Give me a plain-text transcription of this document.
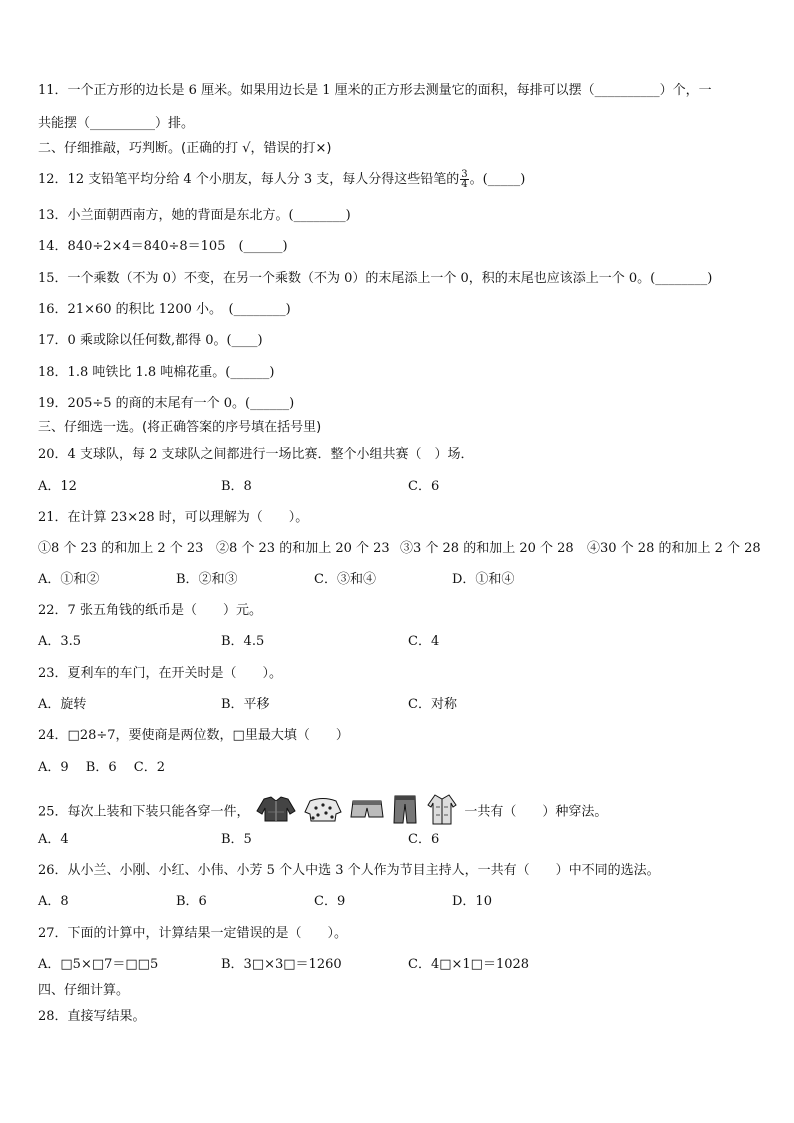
11．一个正方形的边长是 6 厘米。如果用边长是 1 厘米的正方形去测量它的面积，每排可以摆（__________）个，一
共能摆（__________）排。
二、仔细推敲，巧判断。(正确的打 √，错误的打×)
12．12 支铅笔平均分给 4 个小朋友，每人分 3 支，每人分得这些铅笔的 $\frac{3}{4}$ 。(_____)
13．小兰面朝西南方，她的背面是东北方。(________)
14．840÷2×4＝840÷8＝105　(______)
15．一个乘数（不为 0）不变，在另一个乘数（不为 0）的末尾添上一个 0，积的末尾也应该添上一个 0。(________)
16．21×60 的积比 1200 小。　(________)
17．0 乘或除以任何数,都得 0。(____)
18．1.8 吨铁比 1.8 吨棉花重。(______)
19．205÷5 的商的末尾有一个 0。(______)
三、仔细选一选。(将正确答案的序号填在括号里)
20．4 支球队，每 2 支球队之间都进行一场比赛．整个小组共赛（　）场．
A．12	B．8	C．6
21．在计算 23×28 时，可以理解为（　　）。
①8 个 23 的和加上 2 个 23 ②8 个 23 的和加上 20 个 23 ③3 个 28 的和加上 20 个 28 ④30 个 28 的和加上 2 个 28
A．①和②	B．②和③	C．③和④	D．①和④
22．7 张五角钱的纸币是（　　）元。
A．3.5	B．4.5	C．4
23．夏利车的车门，在开关时是（　　）。
A．旋转	B．平移	C．对称
24．□28÷7，要使商是两位数，□里最大填（　　）
A．9　 B．6　 C．2
25．每次上装和下装只能各穿一件，	一共有（　　）种穿法。
A．4	B．5	C．6
26．从小兰、小刚、小红、小伟、小芳 5 个人中选 3 个人作为节目主持人，一共有（　　）中不同的选法。
A．8	B．6	C．9	D．10
27．下面的计算中，计算结果一定错误的是（　　）。
A．□5×□7＝□□5	B．3□×3□＝1260	C．4□×1□＝1028
四、仔细计算。
28．直接写结果。
